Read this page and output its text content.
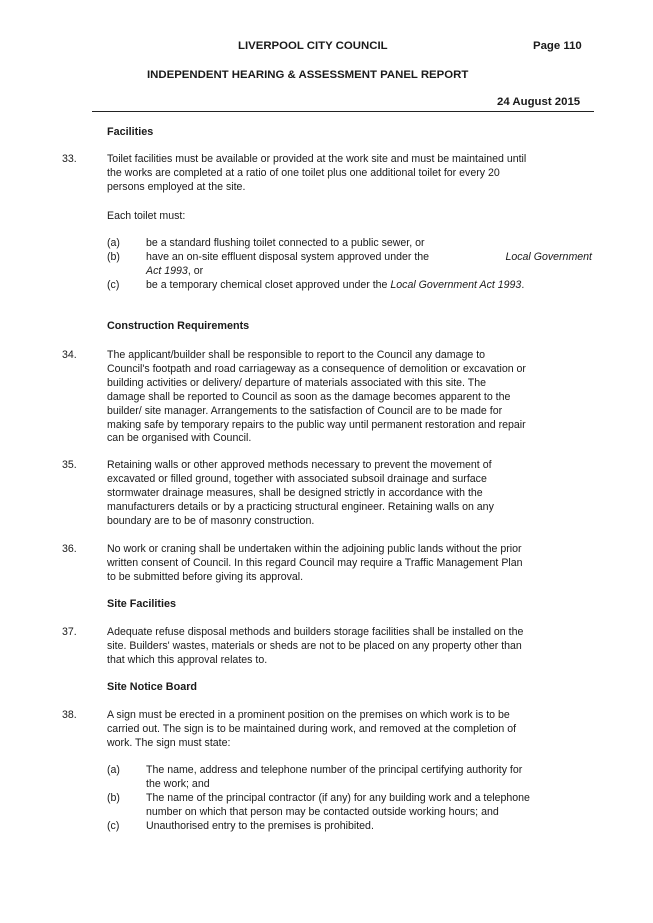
LIVERPOOL CITY COUNCIL	Page 110
INDEPENDENT HEARING & ASSESSMENT PANEL REPORT
24 August 2015
Facilities
33.	Toilet facilities must be available or provided at the work site and must be maintained until
the works are completed at a ratio of one toilet plus one additional toilet for every 20
persons employed at the site.
Each toilet must:
(a) be a standard flushing toilet connected to a public sewer, or
(b) have an on-site effluent disposal system approved under the	Local Government
Act 1993, or
(c)	be a temporary chemical closet approved under the Local Government Act 1993.
Construction Requirements
34.	The applicant/builder shall be responsible to report to the Council any damage to
Council's footpath and road carriageway as a consequence of demolition or excavation or
building activities or delivery/ departure of materials associated with this site. The
damage shall be reported to Council as soon as the damage becomes apparent to the
builder/ site manager. Arrangements to the satisfaction of Council are to be made for
making safe by temporary repairs to the public way until permanent restoration and repair
can be organised with Council.
35.	Retaining walls or other approved methods necessary to prevent the movement of
excavated or filled ground, together with associated subsoil drainage and surface
stormwater drainage measures, shall be designed strictly in accordance with the
manufacturers details or by a practicing structural engineer. Retaining walls on any
boundary are to be of masonry construction.
36.	No work or craning shall be undertaken within the adjoining public lands without the prior
written consent of Council. In this regard Council may require a Traffic Management Plan
to be submitted before giving its approval.
Site Facilities
37.	Adequate refuse disposal methods and builders storage facilities shall be installed on the
site. Builders' wastes, materials or sheds are not to be placed on any property other than
that which this approval relates to.
Site Notice Board
38.	A sign must be erected in a prominent position on the premises on which work is to be
carried out. The sign is to be maintained during work, and removed at the completion of
work. The sign must state:
(a) The name, address and telephone number of the principal certifying authority for
the work; and
(b) The name of the principal contractor (if any) for any building work and a telephone
number on which that person may be contacted outside working hours; and
(c)	Unauthorised entry to the premises is prohibited.
